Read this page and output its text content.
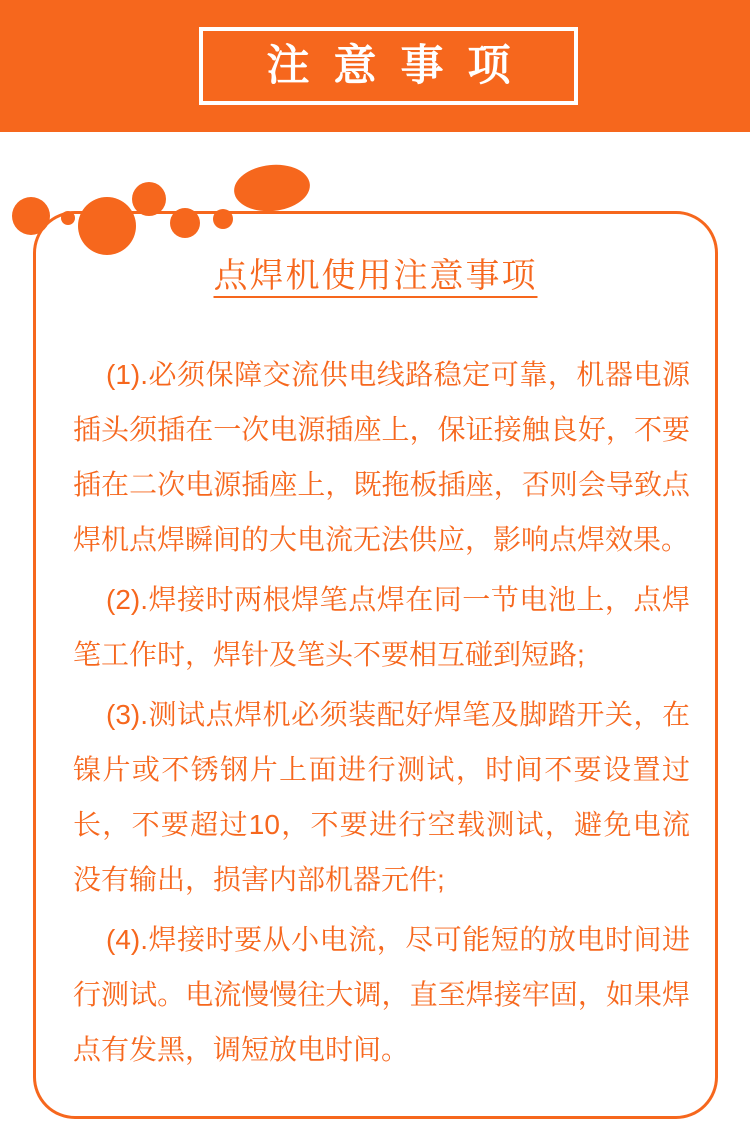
注意事项
点焊机使用注意事项

(1).必须保障交流供电线路稳定可靠，机器电源插头须插在一次电源插座上，保证接触良好，不要插在二次电源插座上，既拖板插座，否则会导致点焊机点焊瞬间的大电流无法供应，影响点焊效果。

(2).焊接时两根焊笔点焊在同一节电池上，点焊笔工作时，焊针及笔头不要相互碰到短路;

(3).测试点焊机必须装配好焊笔及脚踏开关，在镍片或不锈钢片上面进行测试，时间不要设置过长，不要超过10，不要进行空载测试，避免电流没有输出，损害内部机器元件;

(4).焊接时要从小电流，尽可能短的放电时间进行测试。电流慢慢往大调，直至焊接牢固，如果焊点有发黑，调短放电时间。
